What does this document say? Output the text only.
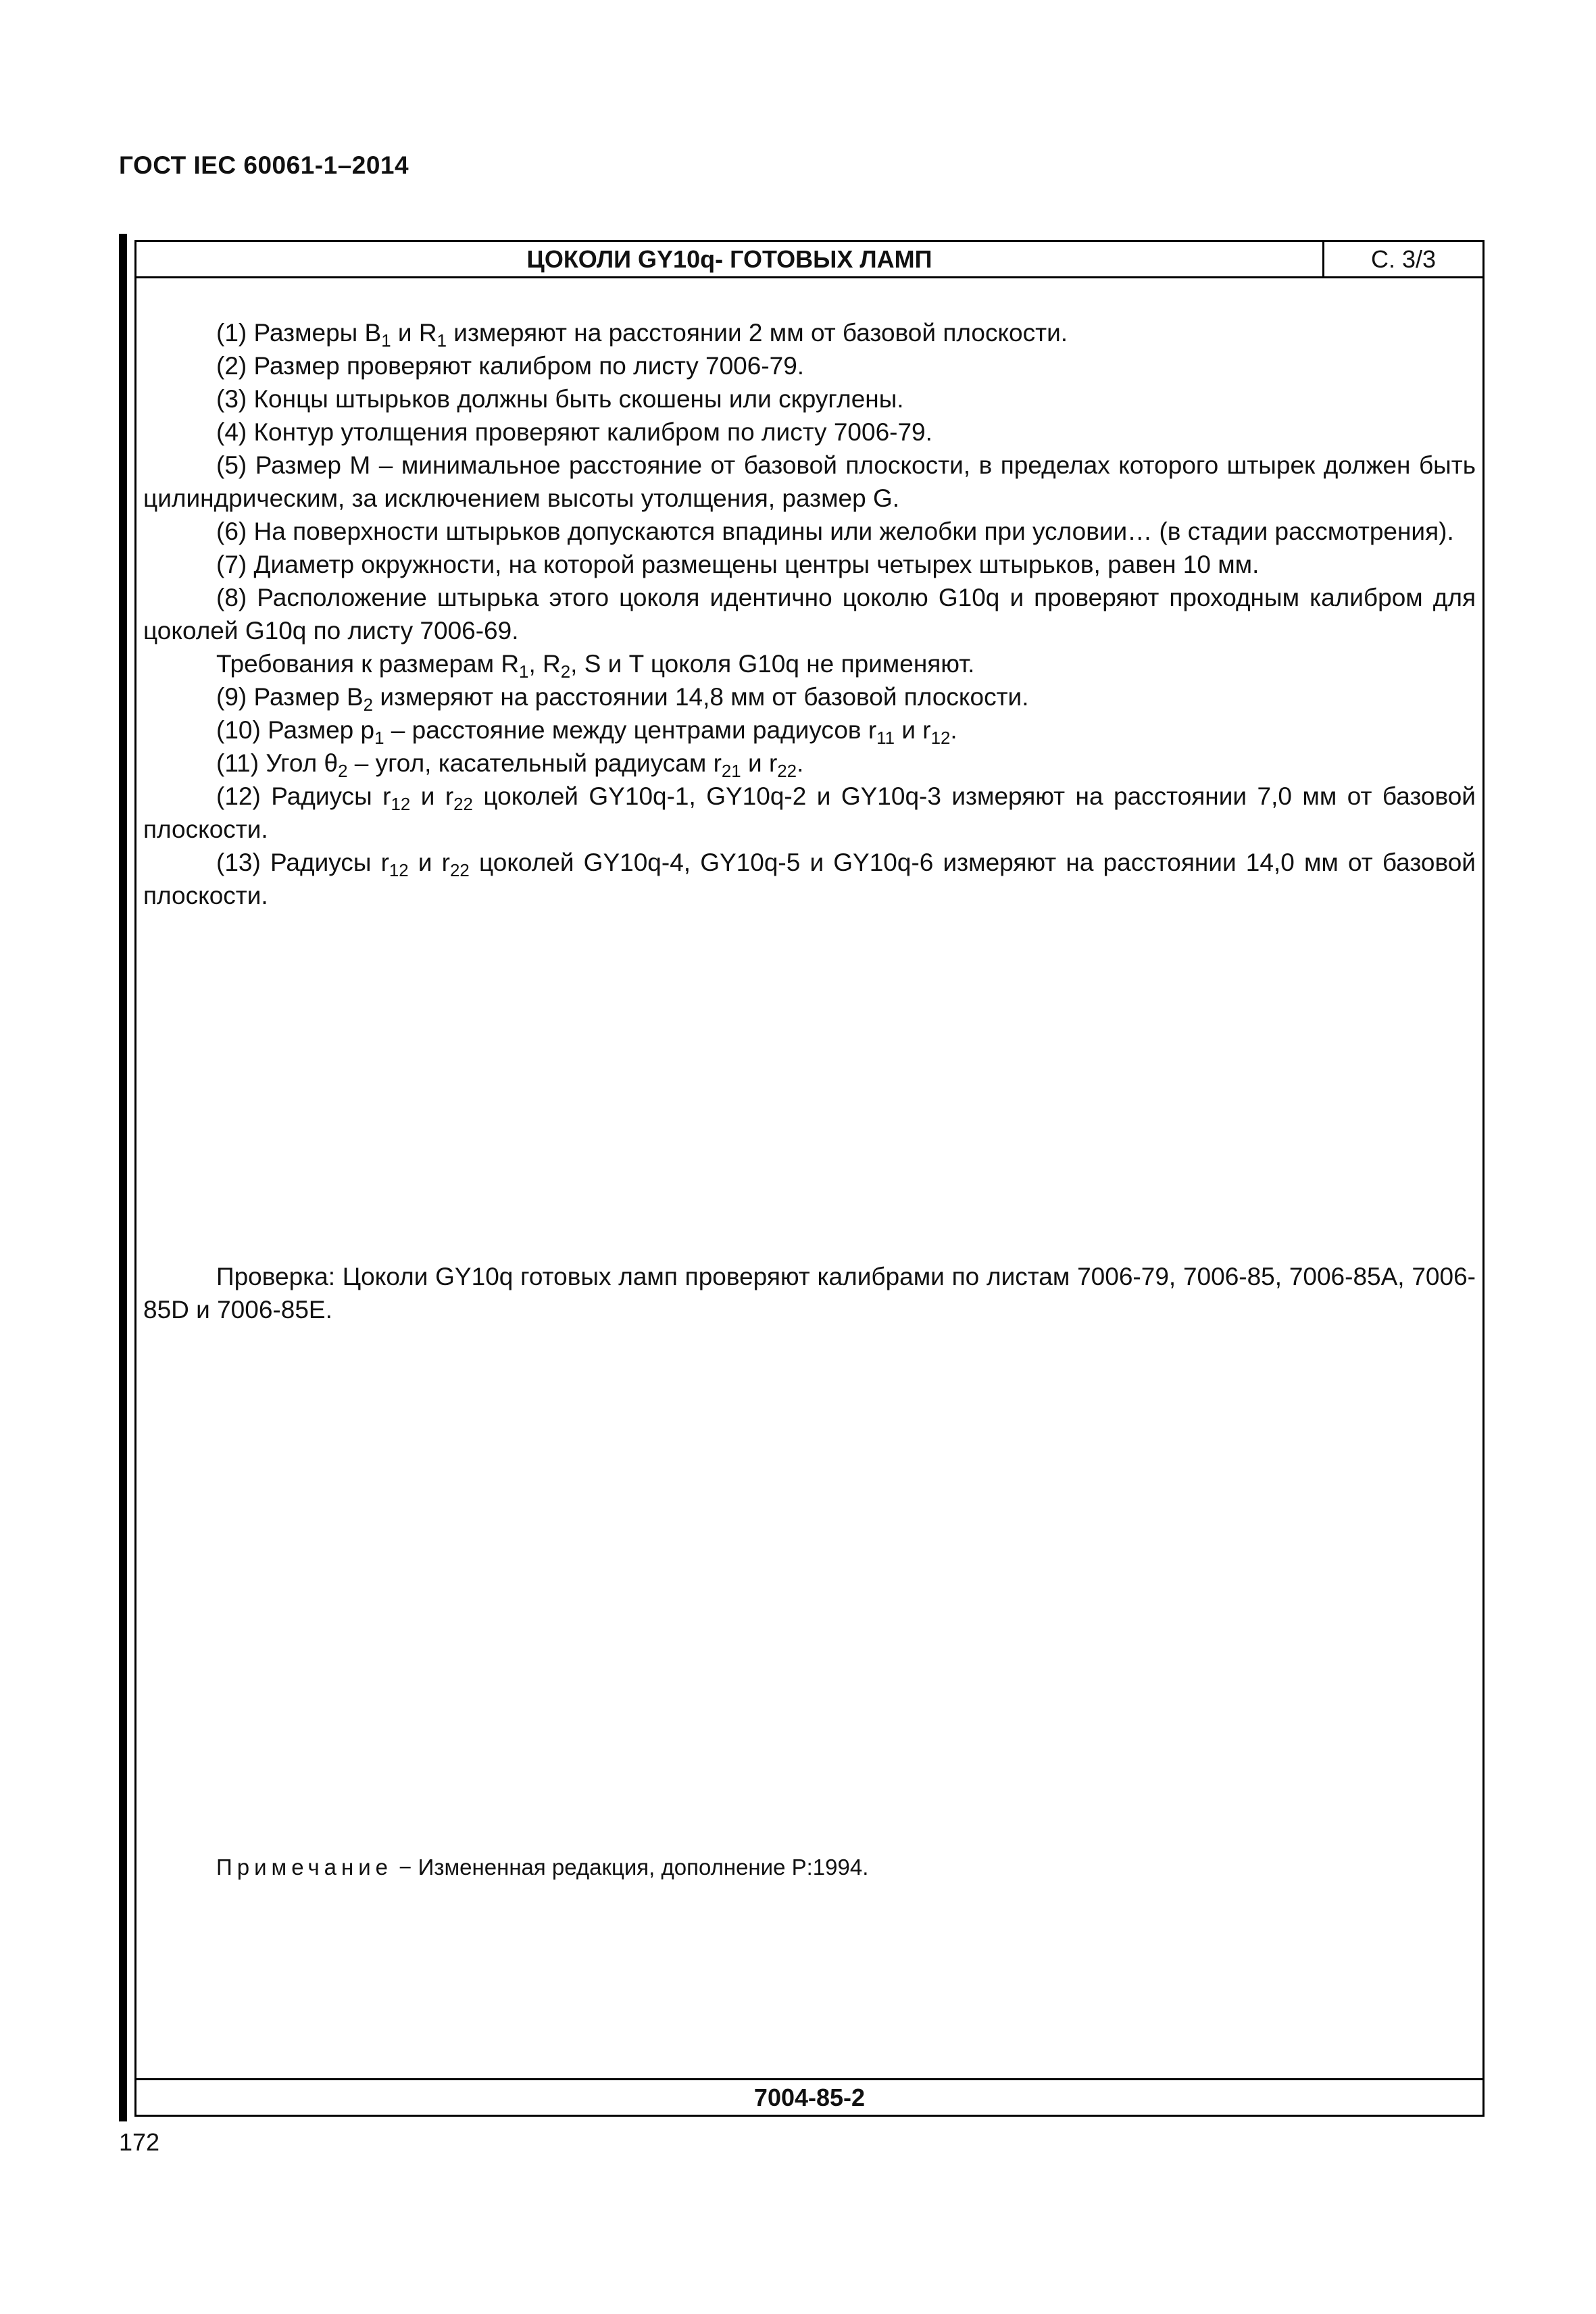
ГОСТ IEC 60061-1–2014
ЦОКОЛИ GY10q- ГОТОВЫХ ЛАМП	С. 3/3

(1) Размеры $B_1$ и $R_1$ измеряют на расстоянии 2 мм от базовой плоскости.

(2) Размер проверяют калибром по листу 7006-79.

(3) Концы штырьков должны быть скошены или скруглены.

(4) Контур утолщения проверяют калибром по листу 7006-79.

(5) Размер M – минимальное расстояние от базовой плоскости, в пределах которого штырек должен быть цилиндрическим, за исключением высоты утолщения, размер G.

(6) На поверхности штырьков допускаются впадины или желобки при условии… (в стадии рассмотрения).

(7) Диаметр окружности, на которой размещены центры четырех штырьков, равен 10 мм.

(8) Расположение штырька этого цоколя идентично цоколю G10q и проверяют проходным калибром для цоколей G10q по листу 7006-69.

Требования к размерам $R_1$, $R_2$, S и T цоколя G10q не применяют.

(9) Размер $B_2$ измеряют на расстоянии 14,8 мм от базовой плоскости.

(10) Размер $p_1$ – расстояние между центрами радиусов $r_{11}$ и $r_{12}$.

(11) Угол $\theta_2$ – угол, касательный радиусам $r_{21}$ и $r_{22}$.

(12) Радиусы $r_{12}$ и $r_{22}$ цоколей GY10q-1, GY10q-2 и GY10q-3 измеряют на расстоянии 7,0 мм от базовой плоскости.

(13) Радиусы $r_{12}$ и $r_{22}$ цоколей GY10q-4, GY10q-5 и GY10q-6 измеряют на расстоянии 14,0 мм от базовой плоскости.

Проверка: Цоколи GY10q готовых ламп проверяют калибрами по листам 7006-79, 7006-85, 7006-85A, 7006-85D и 7006-85E.
Примечание − Измененная редакция, дополнение P:1994.
7004-85-2
172
